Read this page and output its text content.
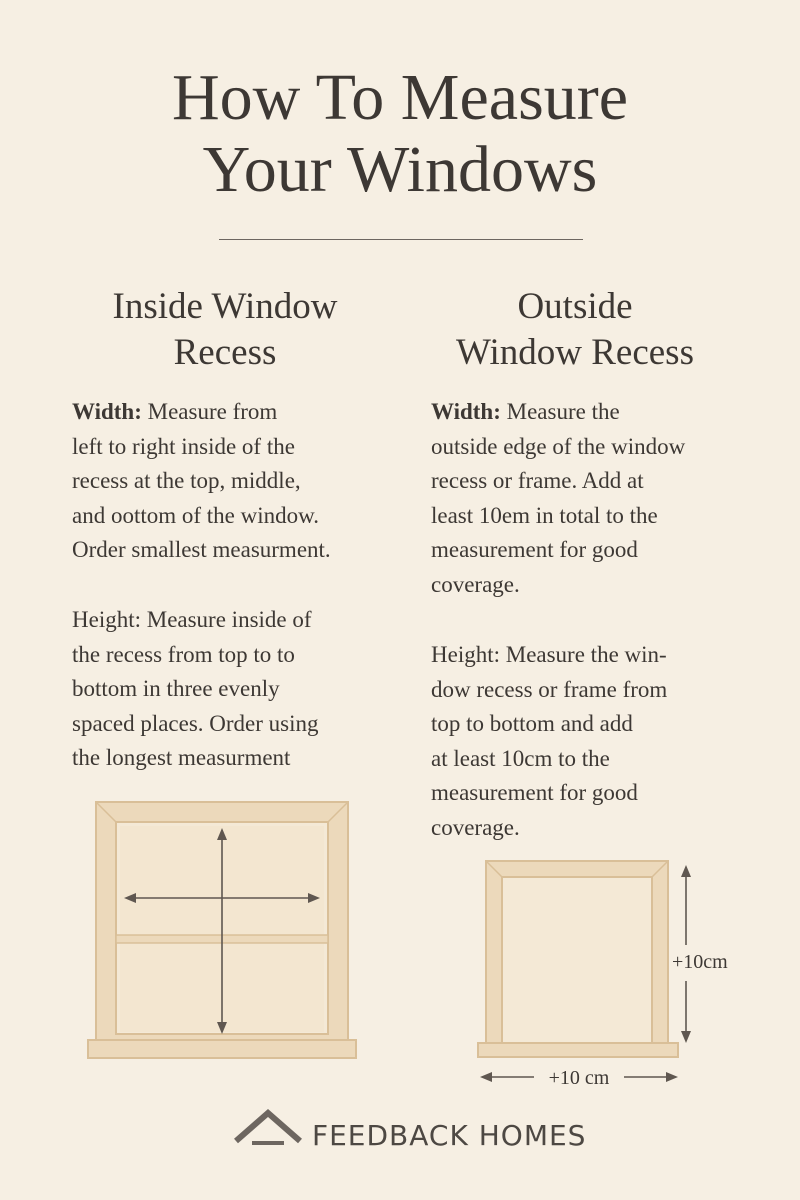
How To Measure
Your Windows
Inside Window
Recess

Width: Measure from
left to right inside of the
recess at the top, middle,
and oottom of the window.
Order smallest measurment.

Height: Measure inside of
the recess from top to to
bottom in three evenly
spaced places. Order using
the longest measurment

Outside
Window Recess

Width: Measure the
outside edge of the window
recess or frame. Add at
least 10em in total to the
measurement for good
coverage.

Height: Measure the win-
dow recess or frame from
top to bottom and add
at least 10cm to the
measurement for good
coverage.

+10cm
+10 cm
FEEDBACK HOMES
